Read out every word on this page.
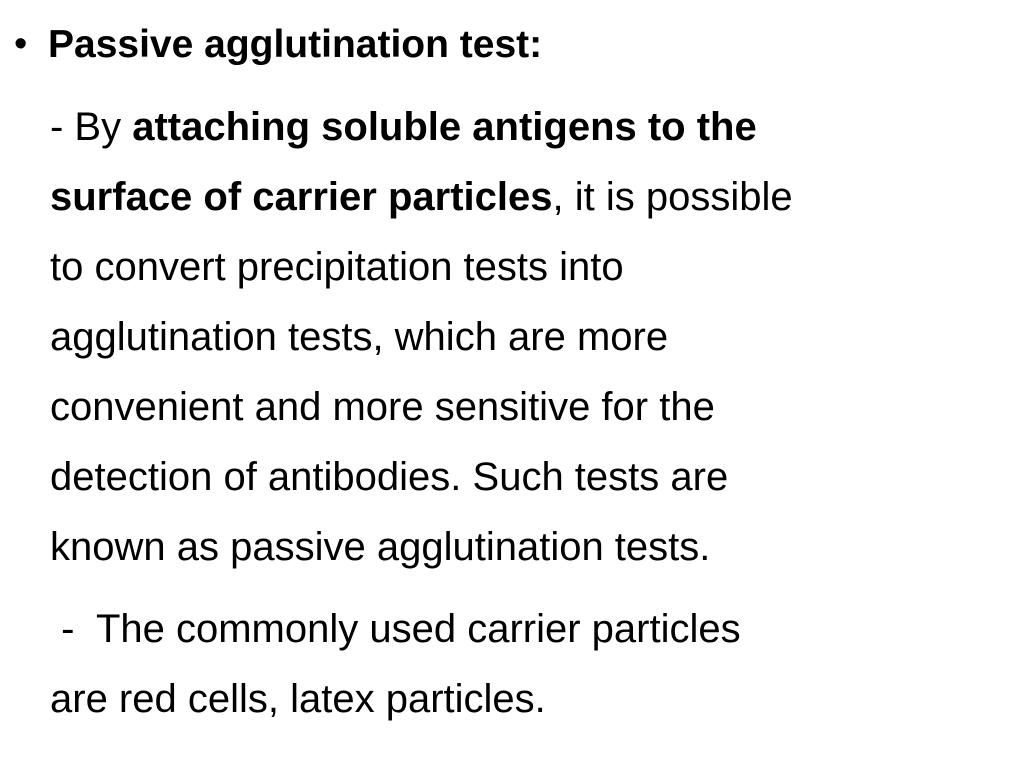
• Passive agglutination test:
- By attaching soluble antigens to the
surface of carrier particles, it is possible
to convert precipitation tests into
agglutination tests, which are more
convenient and more sensitive for the
detection of antibodies. Such tests are
known as passive agglutination tests.
-  The commonly used carrier particles
are red cells, latex particles.
